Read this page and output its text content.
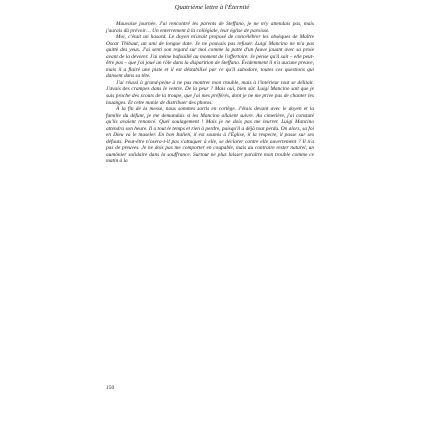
Quatrième lettre à l'Éternité

Mauvaise journée. J'ai rencontré les parents de Steffano, je ne m'y attendais pas, mais j'aurais dû prévoir… Un enterrement à la collégiale, leur église de paroisse.

Moi, c'était un hasard. Le doyen m'avait proposé de concélébrer les obsèques de Maître Oscar Thibaut, un ami de longue date. Je ne pouvais pas refuser. Luigi Mancino ne m'a pas quitté des yeux. J'ai senti son regard sur moi comme la patte d'un fauve jouant avec sa proie avant de la dévorer. J'ai même bafouillé au moment de l'offertoire. Je pense qu'il sait – elle peut-être pas – que j'ai joué un rôle dans la disparition de Steffano. Évidemment il n'a aucune preuve, mais il a flairé une piste et il est déstabilisé par ce qu'il subodore, toutes ces questions qui dansent dans sa tête.

J'ai réussi à grand-peine à ne pas montrer mon trouble, mais à l'intérieur tout se délitait. J'avais des crampes dans le ventre. De la peur ? Mais oui, bien sûr. Luigi Mancino sait que je suis proche des scouts de la troupe, que j'ai mes préférés, dont je ne me prive pas de chanter les louanges. Et cette manie de distribuer des photos.

À la fin de la messe, nous sommes sortis en cortège. J'étais devant avec le doyen et la famille du défunt, je me demandais si les Mancino allaient suivre. Au cimetière, j'ai constaté qu'ils avaient renoncé. Quel soulagement ! Mais je ne dois pas me leurrer. Luigi Mancino attendra son heure. Il a tout le temps et rien à perdre, puisqu'il a déjà tout perdu. On alors, sa foi en Dieu va le museler. En bon Italien, il est soumis à l'Église, il la respecte, il passe sur ses défauts. Peut-être n'osera-t-il pas s'attaquer à elle, se déclarer contre elle ouvertement ? Il n'a pas de preuves. Je ne dois pas me comporter en coupable, mais au contraire rester naturel, un aumônier solidaire dans la souffrance. Surtout ne plus laisser paraître mon trouble comme ce matin à la

150
